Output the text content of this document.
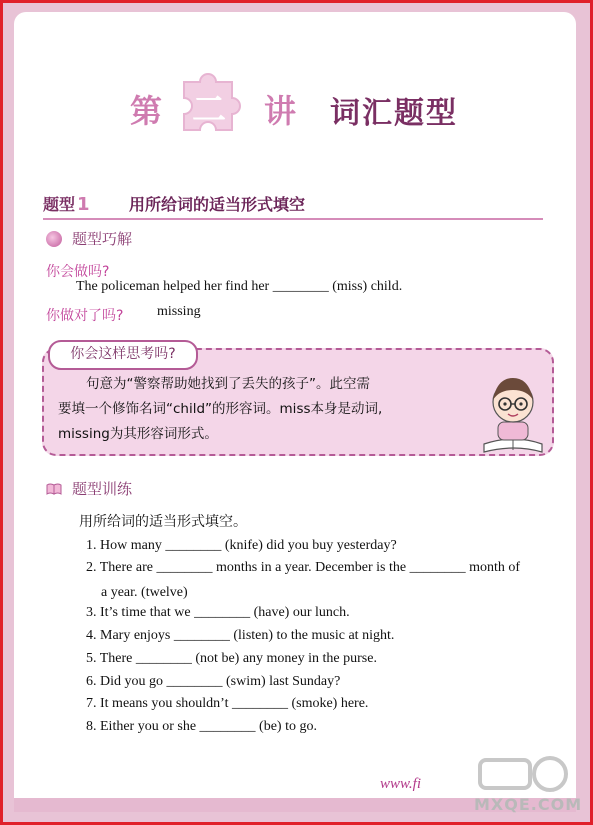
第 二 讲 词汇题型
题型 1 用所给词的适当形式填空
题型巧解
你会做吗?
The policeman helped her find her ________ (miss) child.
你做对了吗? missing
你会这样思考吗?

句意为“警察帮助她找到了丢失的孩子”。此空需

要填一个修饰名词“child”的形容词。miss本身是动词,

missing为其形容词形式。

题型训练
用所给词的适当形式填空。
1. How many ________ (knife) did you buy yesterday?
2. There are ________ months in a year. December is the ________ month of
a year. (twelve)
3. It’s time that we ________ (have) our lunch.
4. Mary enjoys ________ (listen) to the music at night.
5. There ________ (not be) any money in the purse.
6. Did you go ________ (swim) last Sunday?
7. It means you shouldn’t ________ (smoke) here.
8. Either you or she ________ (be) to go.
www.fi
MXQE.COM
